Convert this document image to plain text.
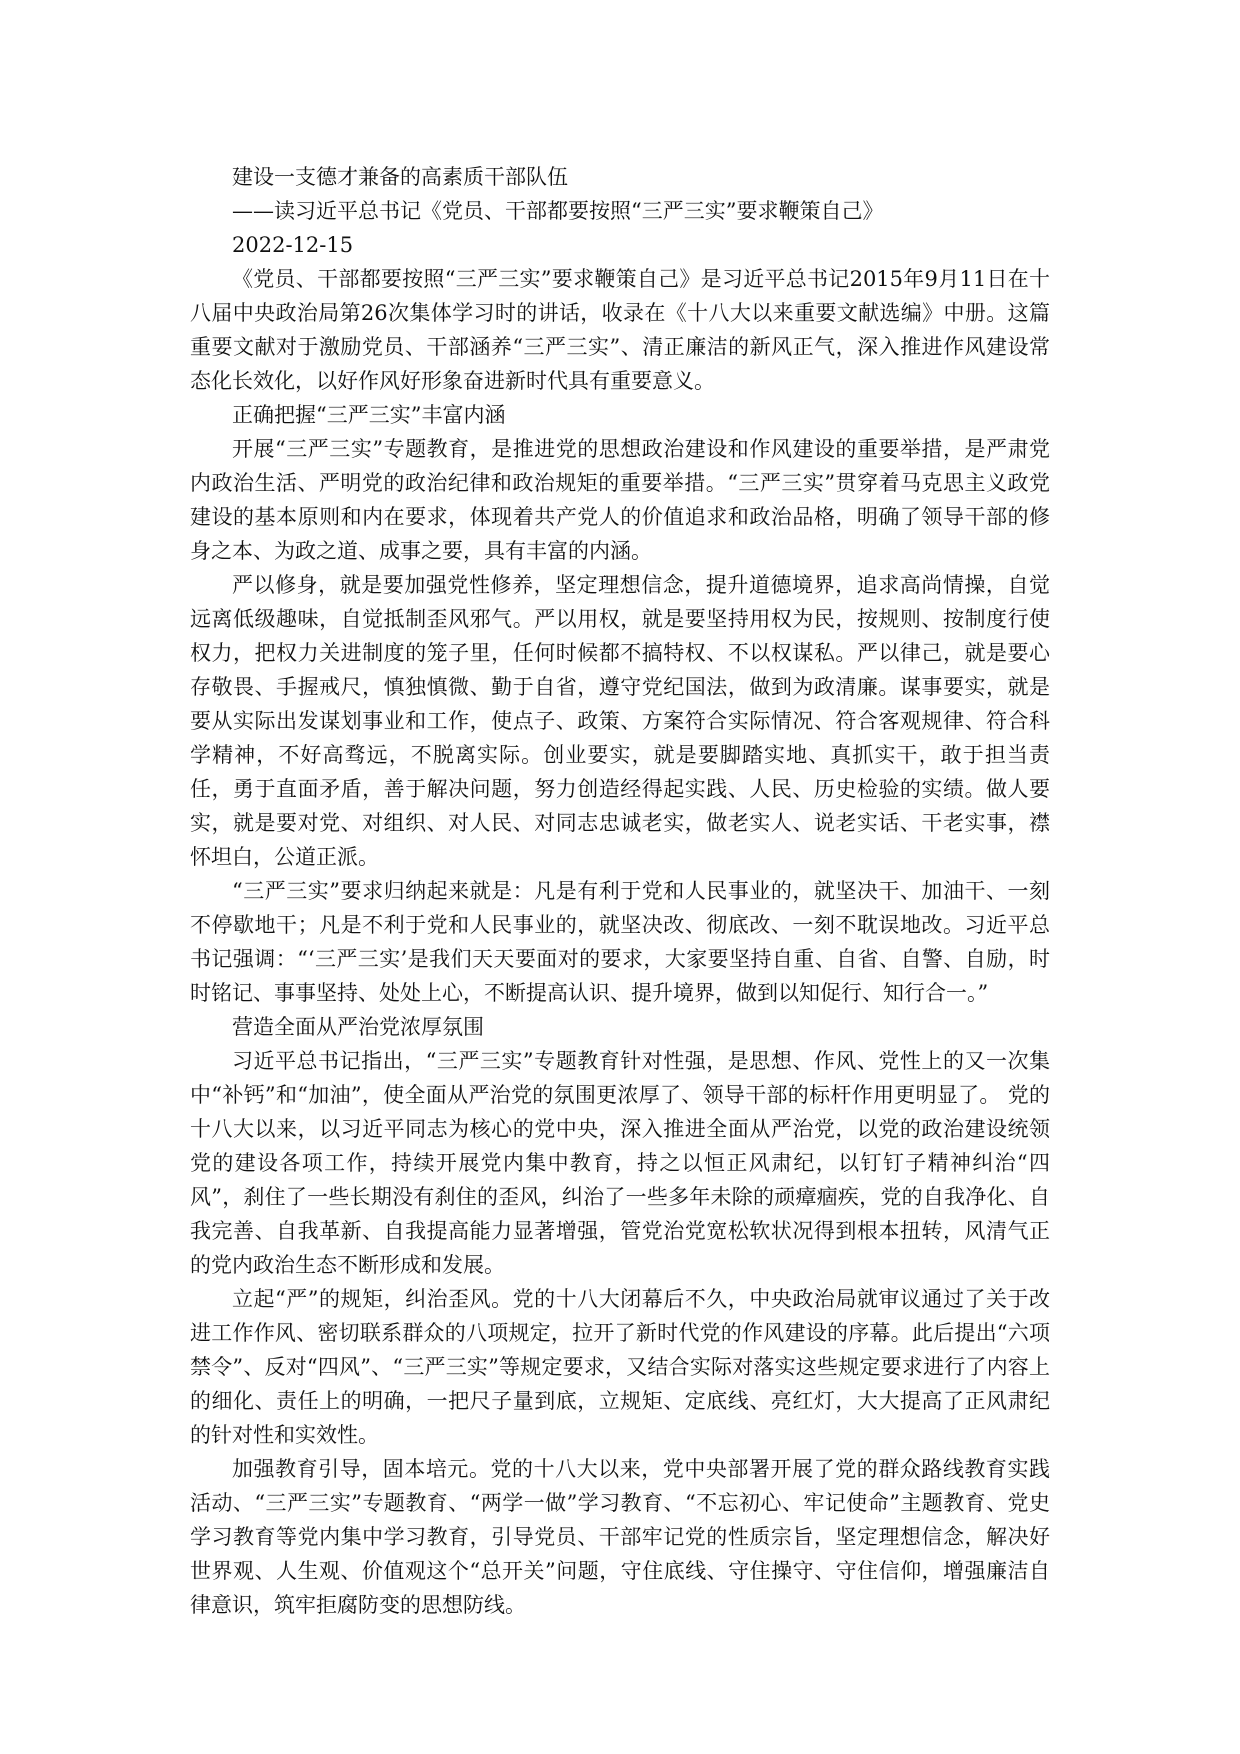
建设一支德才兼备的高素质干部队伍
——读习近平总书记《党员、干部都要按照“三严三实”要求鞭策自己》
2022-12-15

《党员、干部都要按照“三严三实”要求鞭策自己》是习近平总书记2015年9月11日在十八届中央政治局第26次集体学习时的讲话，收录在《十八大以来重要文献选编》中册。这篇重要文献对于激励党员、干部涵养“三严三实”、清正廉洁的新风正气，深入推进作风建设常态化长效化，以好作风好形象奋进新时代具有重要意义。

正确把握“三严三实”丰富内涵

开展“三严三实”专题教育，是推进党的思想政治建设和作风建设的重要举措，是严肃党内政治生活、严明党的政治纪律和政治规矩的重要举措。“三严三实”贯穿着马克思主义政党建设的基本原则和内在要求，体现着共产党人的价值追求和政治品格，明确了领导干部的修身之本、为政之道、成事之要，具有丰富的内涵。

严以修身，就是要加强党性修养，坚定理想信念，提升道德境界，追求高尚情操，自觉远离低级趣味，自觉抵制歪风邪气。严以用权，就是要坚持用权为民，按规则、按制度行使权力，把权力关进制度的笼子里，任何时候都不搞特权、不以权谋私。严以律己，就是要心存敬畏、手握戒尺，慎独慎微、勤于自省，遵守党纪国法，做到为政清廉。谋事要实，就是要从实际出发谋划事业和工作，使点子、政策、方案符合实际情况、符合客观规律、符合科学精神，不好高骛远，不脱离实际。创业要实，就是要脚踏实地、真抓实干，敢于担当责任，勇于直面矛盾，善于解决问题，努力创造经得起实践、人民、历史检验的实绩。做人要实，就是要对党、对组织、对人民、对同志忠诚老实，做老实人、说老实话、干老实事，襟怀坦白，公道正派。

“三严三实”要求归纳起来就是：凡是有利于党和人民事业的，就坚决干、加油干、一刻不停歇地干；凡是不利于党和人民事业的，就坚决改、彻底改、一刻不耽误地改。习近平总书记强调：“‘三严三实’是我们天天要面对的要求，大家要坚持自重、自省、自警、自励，时时铭记、事事坚持、处处上心，不断提高认识、提升境界，做到以知促行、知行合一。”

营造全面从严治党浓厚氛围

习近平总书记指出，“三严三实”专题教育针对性强，是思想、作风、党性上的又一次集中“补钙”和“加油”，使全面从严治党的氛围更浓厚了、领导干部的标杆作用更明显了。 党的十八大以来，以习近平同志为核心的党中央，深入推进全面从严治党，以党的政治建设统领党的建设各项工作，持续开展党内集中教育，持之以恒正风肃纪，以钉钉子精神纠治“四风”，刹住了一些长期没有刹住的歪风，纠治了一些多年未除的顽瘴痼疾，党的自我净化、自我完善、自我革新、自我提高能力显著增强，管党治党宽松软状况得到根本扭转，风清气正的党内政治生态不断形成和发展。

立起“严”的规矩，纠治歪风。党的十八大闭幕后不久，中央政治局就审议通过了关于改进工作作风、密切联系群众的八项规定，拉开了新时代党的作风建设的序幕。此后提出“六项禁令”、反对“四风”、“三严三实”等规定要求，又结合实际对落实这些规定要求进行了内容上的细化、责任上的明确，一把尺子量到底，立规矩、定底线、亮红灯，大大提高了正风肃纪的针对性和实效性。

加强教育引导，固本培元。党的十八大以来，党中央部署开展了党的群众路线教育实践活动、“三严三实”专题教育、“两学一做”学习教育、“不忘初心、牢记使命”主题教育、党史学习教育等党内集中学习教育，引导党员、干部牢记党的性质宗旨，坚定理想信念，解决好世界观、人生观、价值观这个“总开关”问题，守住底线、守住操守、守住信仰，增强廉洁自律意识，筑牢拒腐防变的思想防线。
